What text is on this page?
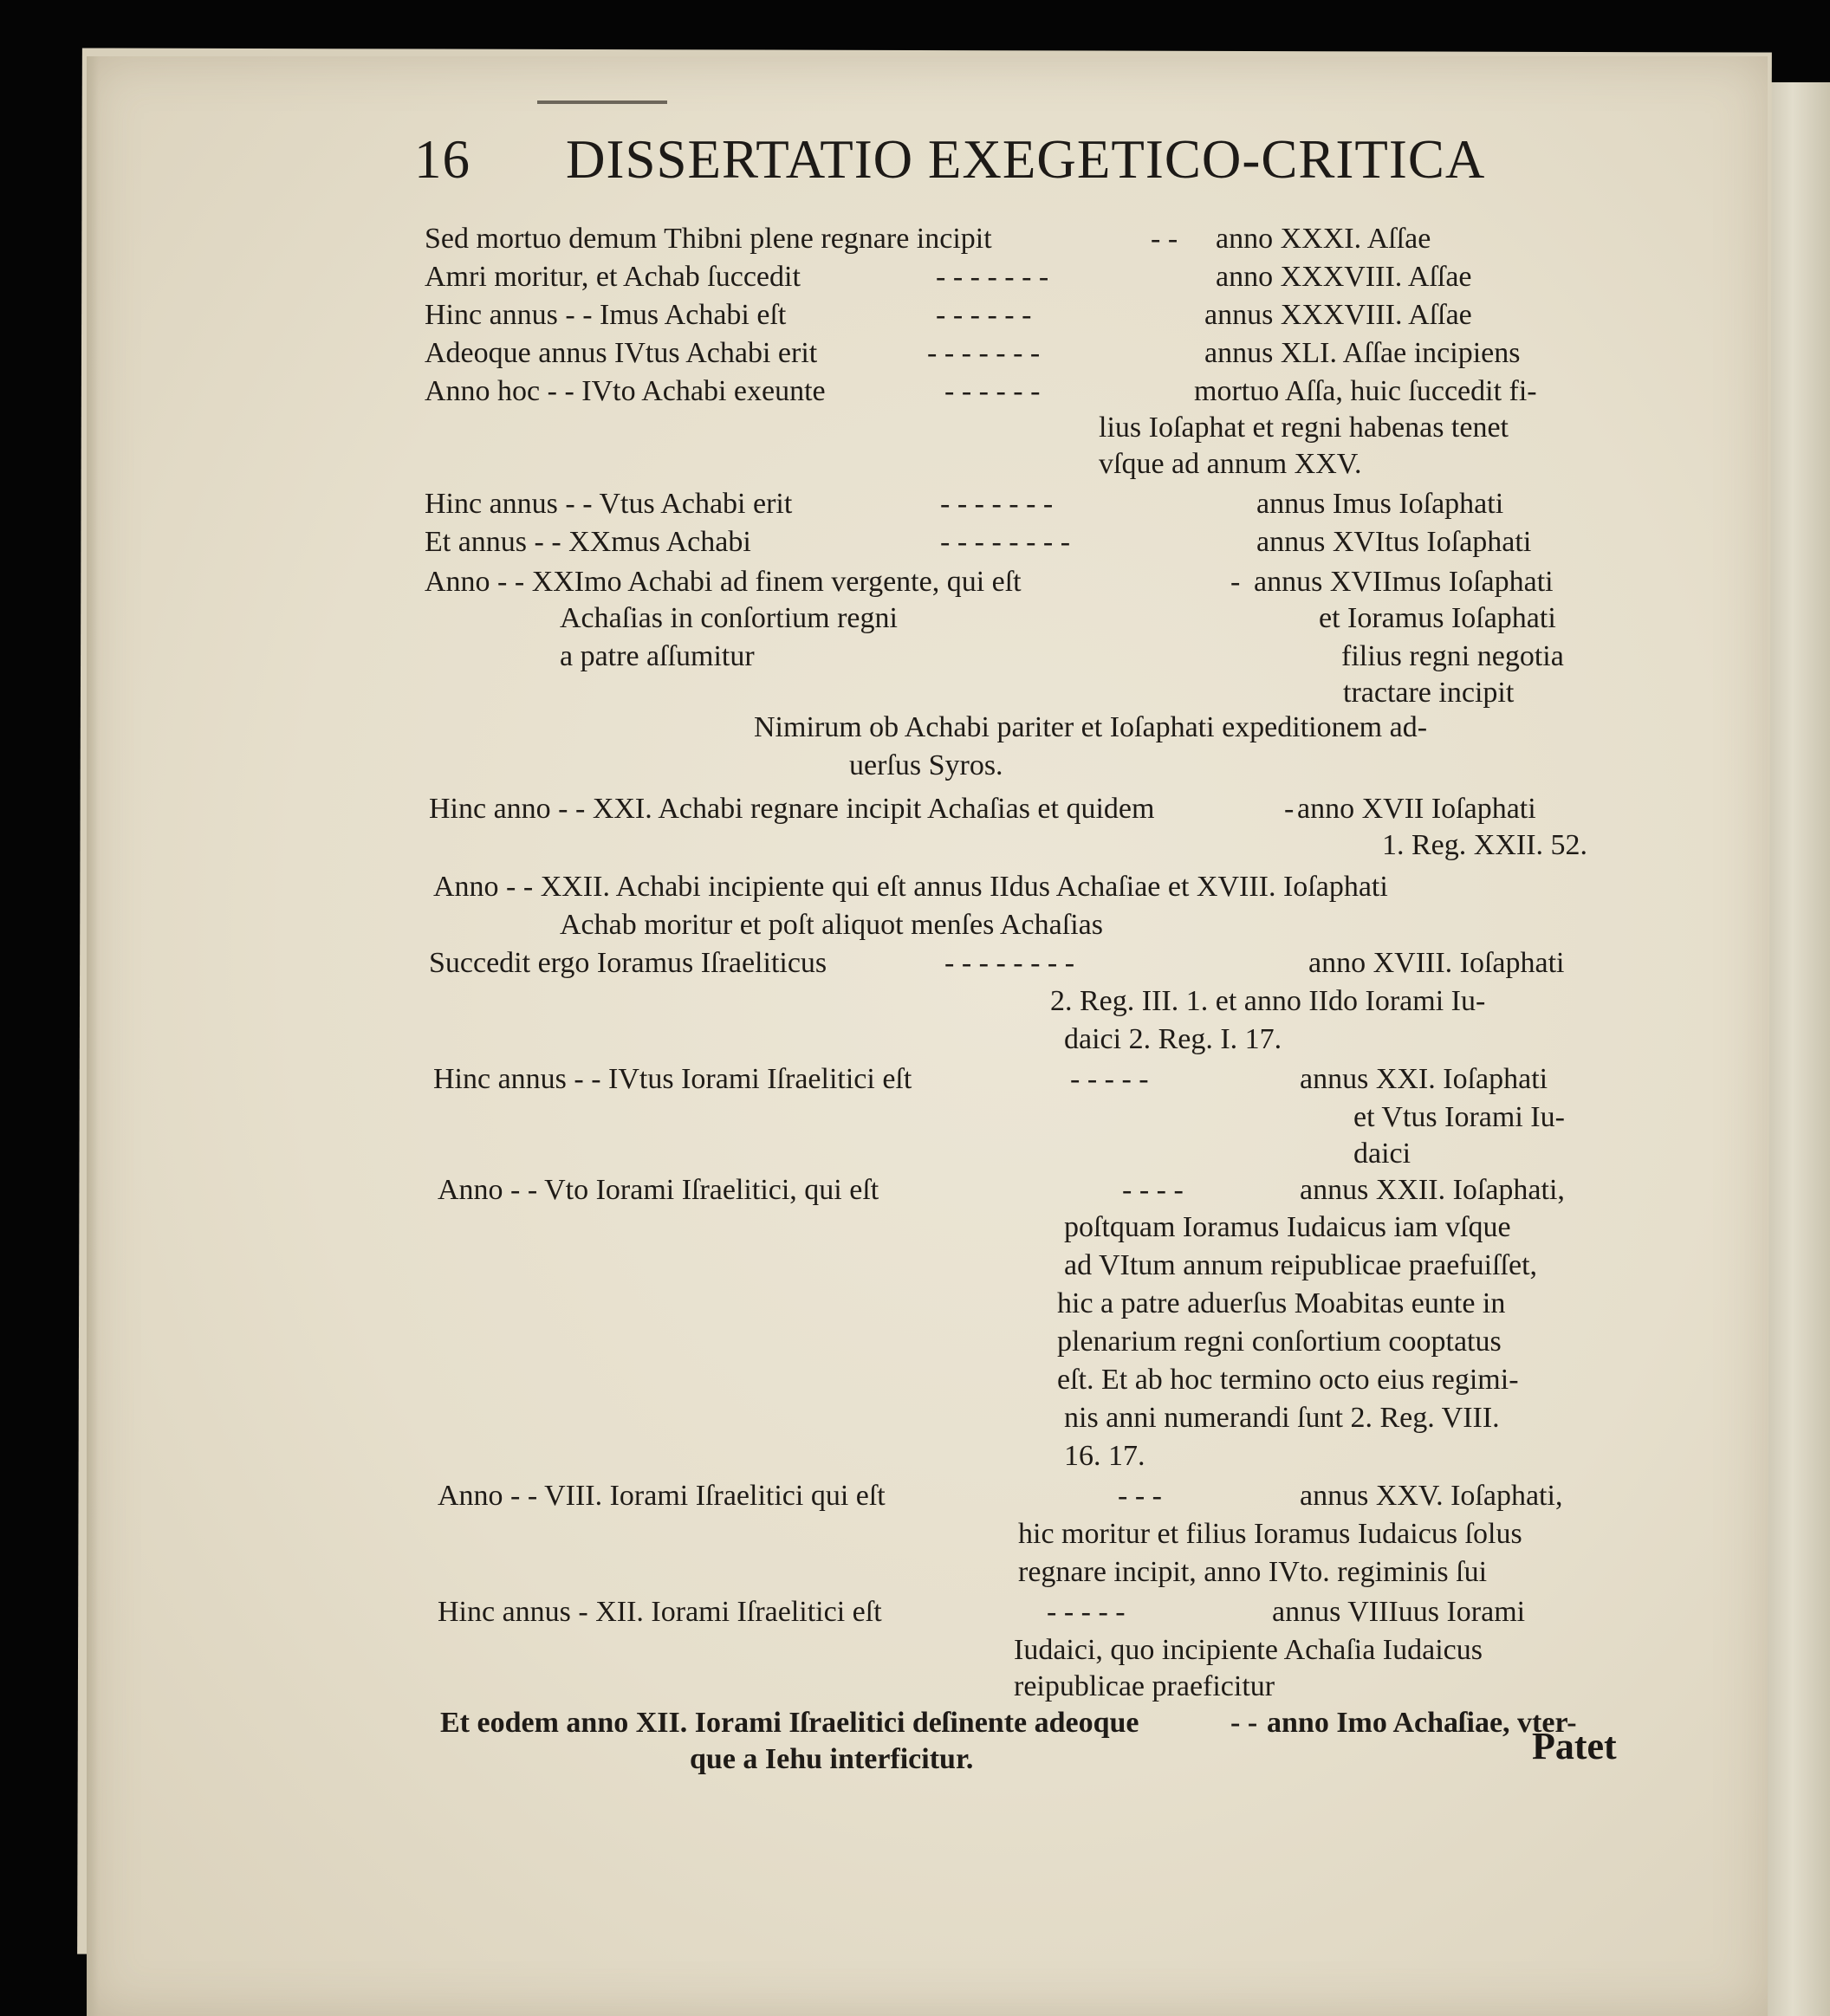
16 DISSERTATIO EXEGETICO-CRITICA
Sed mortuo demum Thibni plene regnare incipit	- - anno XXXI. Aſſae
Amri moritur, et Achab ſuccedit	- - - - - - -	anno XXXVIII. Aſſae
Hinc annus - - Imus Achabi eſt	- - - - - -	annus XXXVIII. Aſſae
Adeoque annus IVtus Achabi erit	- - - - - - -	annus XLI. Aſſae incipiens
Anno hoc - - IVto Achabi exeunte	- - - - - -	mortuo Aſſa, huic ſuccedit fi-
lius Ioſaphat et regni habenas tenet
vſque ad annum XXV.
Hinc annus - - Vtus Achabi erit	- - - - - - -	annus Imus Ioſaphati
Et annus - - XXmus Achabi	- - - - - - - -	annus XVItus Ioſaphati
Anno - - XXImo Achabi ad finem vergente, qui eſt	- annus XVIImus Ioſaphati
Achaſias in conſortium regni	et Ioramus Ioſaphati
a patre aſſumitur	filius regni negotia
tractare incipit
Nimirum ob Achabi pariter et Ioſaphati expeditionem ad-
uerſus Syros.
Hinc anno - - XXI. Achabi regnare incipit Achaſias et quidem	- anno XVII Ioſaphati
1. Reg. XXII. 52.
Anno - - XXII. Achabi incipiente qui eſt annus IIdus Achaſiae et XVIII. Ioſaphati
Achab moritur et poſt aliquot menſes Achaſias
Succedit ergo Ioramus Iſraeliticus	- - - - - - - -	anno XVIII. Ioſaphati
2. Reg. III. 1. et anno IIdo Iorami Iu-
daici 2. Reg. I. 17.
Hinc annus - - IVtus Iorami Iſraelitici eſt	- - - - -	annus XXI. Ioſaphati
et Vtus Iorami Iu-
daici
Anno - - Vto Iorami Iſraelitici, qui eſt	- - - -	annus XXII. Ioſaphati,
poſtquam Ioramus Iudaicus iam vſque
ad VItum annum reipublicae praefuiſſet,
hic a patre aduerſus Moabitas eunte in
plenarium regni conſortium cooptatus
eſt. Et ab hoc termino octo eius regimi-
nis anni numerandi ſunt 2. Reg. VIII.
16. 17.
Anno - - VIII. Iorami Iſraelitici qui eſt	- - -	annus XXV. Ioſaphati,
hic moritur et filius Ioramus Iudaicus ſolus
regnare incipit, anno IVto. regiminis ſui
Hinc annus - XII. Iorami Iſraelitici eſt	- - - - -	annus VIIIuus Iorami
Iudaici, quo incipiente Achaſia Iudaicus
reipublicae praeficitur
Et eodem anno XII. Iorami Iſraelitici deſinente adeoque	- - anno Imo Achaſiae, vter-
que a Iehu interficitur.	Patet
